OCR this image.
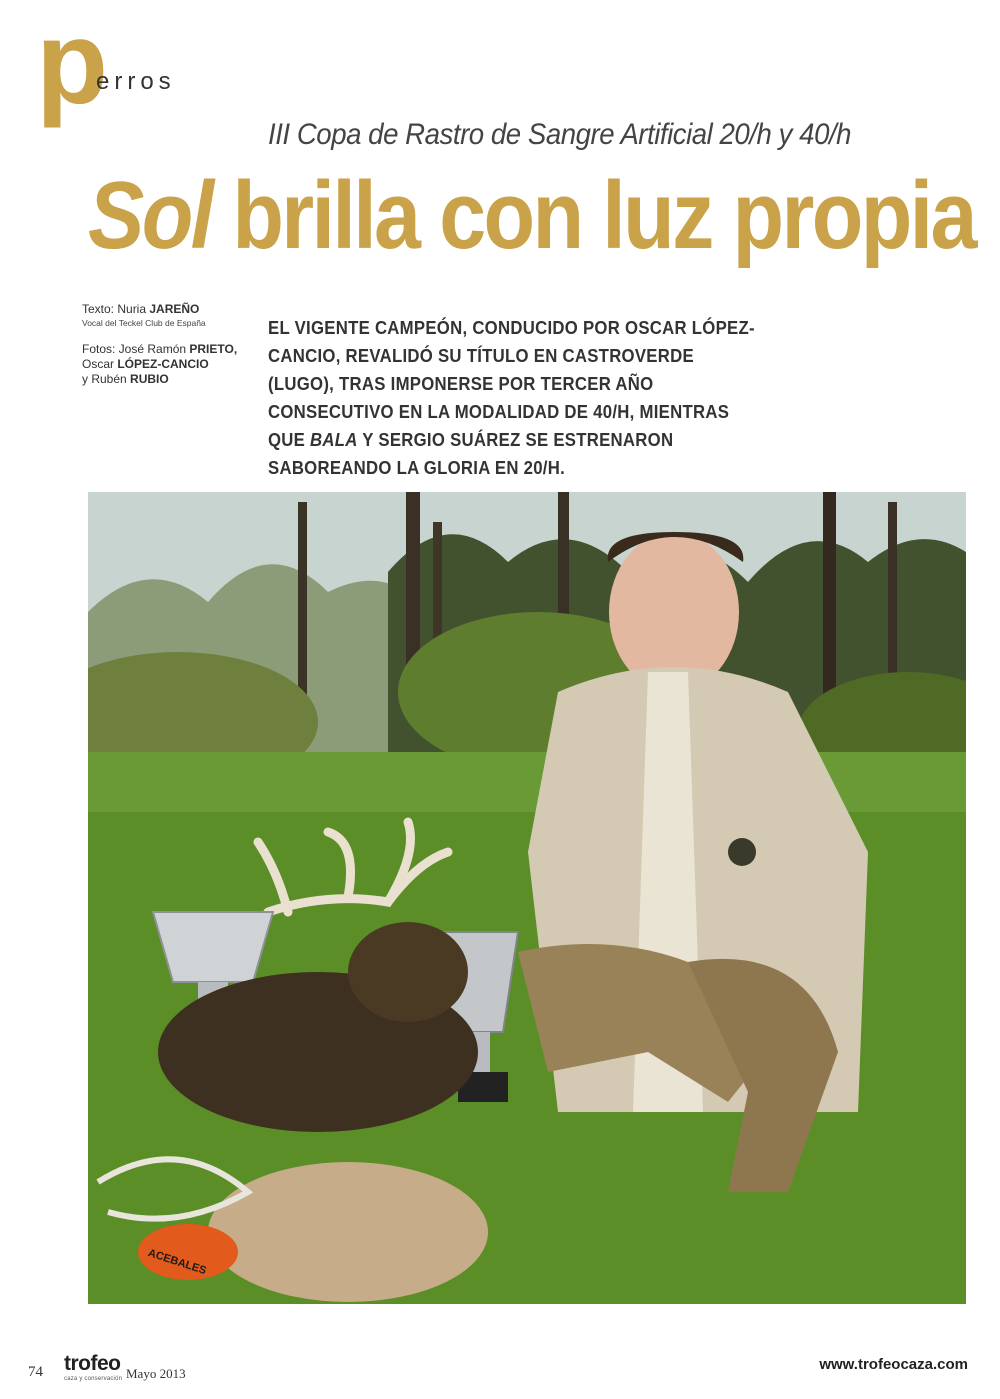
p
erros
III Copa de Rastro de Sangre Artificial 20/h y 40/h
Sol brilla con luz propia
Texto: Nuria JAREÑO
Vocal del Teckel Club de España
Fotos: José Ramón PRIETO,
Oscar LÓPEZ-CANCIO
y Rubén RUBIO
EL VIGENTE CAMPEÓN, CONDUCIDO POR OSCAR LÓPEZ-CANCIO, REVALIDÓ SU TÍTULO EN CASTROVERDE (LUGO), TRAS IMPONERSE POR TERCER AÑO CONSECUTIVO EN LA MODALIDAD DE 40/H, MIENTRAS QUE BALA Y SERGIO SUÁREZ SE ESTRENARON SABOREANDO LA GLORIA EN 20/H.
ACEBALES
74 trofeo
caza y conservación Mayo 2013
www.trofeocaza.com
